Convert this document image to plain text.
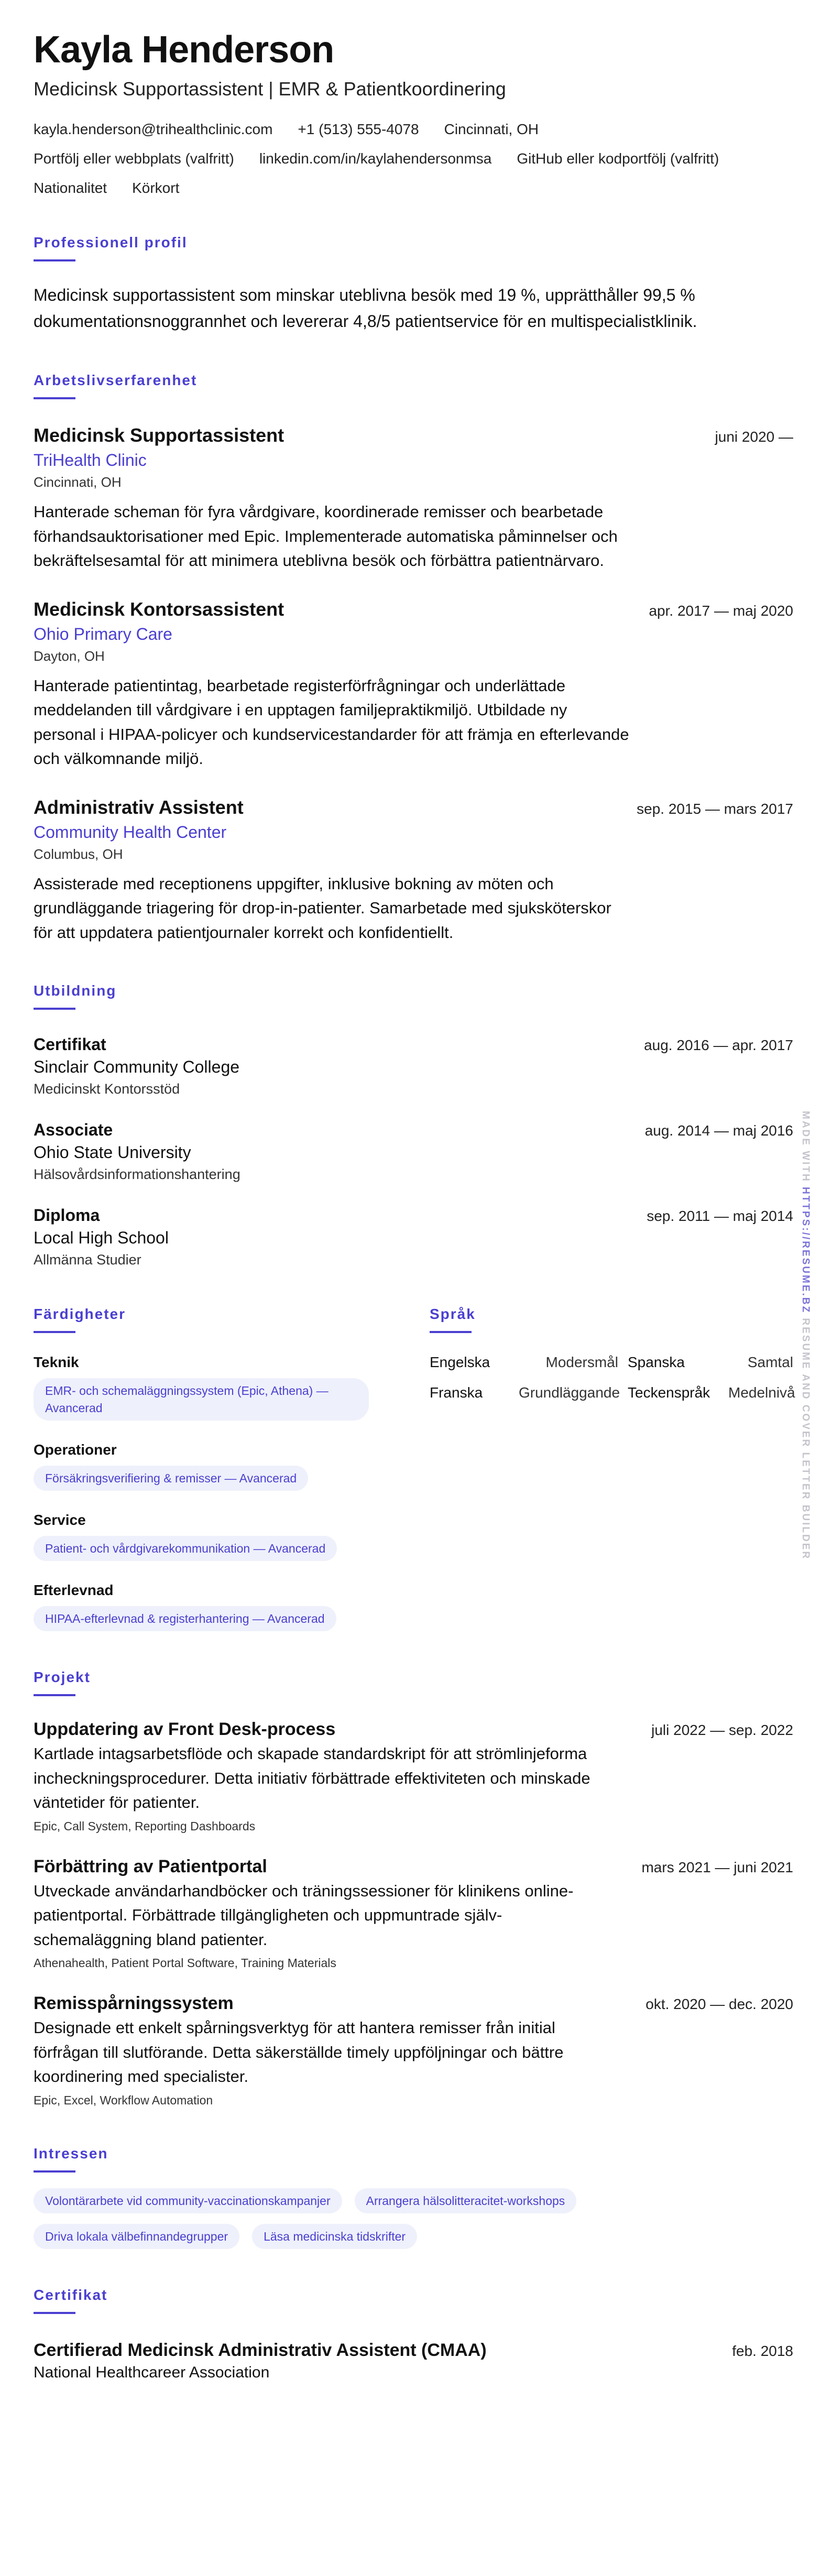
Kayla Henderson
Medicinsk Supportassistent | EMR & Patientkoordinering
kayla.henderson@trihealthclinic.com +1 (513) 555-4078 Cincinnati, OH
Portfölj eller webbplats (valfritt) linkedin.com/in/kaylahendersonmsa GitHub eller kodportfölj (valfritt)
Nationalitet Körkort
Professionell profil
Medicinsk supportassistent som minskar uteblivna besök med 19 %, upprätthåller 99,5 % dokumentationsnoggrannhet och levererar 4,8/5 patientservice för en multispecialistklinik.
Arbetslivserfarenhet
Medicinsk Supportassistent	juni 2020 —
TriHealth Clinic
Cincinnati, OH
Hanterade scheman för fyra vårdgivare, koordinerade remisser och bearbetade förhandsauktorisationer med Epic. Implementerade automatiska påminnelser och bekräftelsesamtal för att minimera uteblivna besök och förbättra patientnärvaro.
Medicinsk Kontorsassistent	apr. 2017 — maj 2020
Ohio Primary Care
Dayton, OH
Hanterade patientintag, bearbetade registerförfrågningar och underlättade meddelanden till vårdgivare i en upptagen familjepraktikmiljö. Utbildade ny personal i HIPAA-policyer och kundservicestandarder för att främja en efterlevande och välkomnande miljö.
Administrativ Assistent	sep. 2015 — mars 2017
Community Health Center
Columbus, OH
Assisterade med receptionens uppgifter, inklusive bokning av möten och grundläggande triagering för drop-in-patienter. Samarbetade med sjuksköterskor för att uppdatera patientjournaler korrekt och konfidentiellt.
Utbildning
Certifikat	aug. 2016 — apr. 2017
Sinclair Community College
Medicinskt Kontorsstöd
Associate	aug. 2014 — maj 2016
Ohio State University
Hälsovårdsinformationshantering
Diploma	sep. 2011 — maj 2014
Local High School
Allmänna Studier
Färdigheter
Teknik
EMR- och schemaläggningssystem (Epic, Athena) — Avancerad
Operationer
Försäkringsverifiering & remisser — Avancerad
Service
Patient- och vårdgivarekommunikation — Avancerad
Efterlevnad
HIPAA-efterlevnad & registerhantering — Avancerad
Språk
Engelska	Modersmål Spanska	Samtal
Franska	Grundläggande Teckenspråk	Medelnivå
Projekt
Uppdatering av Front Desk-process	juli 2022 — sep. 2022
Kartlade intagsarbetsflöde och skapade standardskript för att strömlinjeforma incheckningsprocedurer. Detta initiativ förbättrade effektiviteten och minskade väntetider för patienter.
Epic, Call System, Reporting Dashboards
Förbättring av Patientportal	mars 2021 — juni 2021
Utveckade användarhandböcker och träningssessioner för klinikens online-patientportal. Förbättrade tillgängligheten och uppmuntrade själv-schemaläggning bland patienter.
Athenahealth, Patient Portal Software, Training Materials
Remisspårningssystem	okt. 2020 — dec. 2020
Designade ett enkelt spårningsverktyg för att hantera remisser från initial förfrågan till slutförande. Detta säkerställde timely uppföljningar och bättre koordinering med specialister.
Epic, Excel, Workflow Automation
Intressen
Volontärarbete vid community-vaccinationskampanjer	Arrangera hälsolitteracitet-workshops
Driva lokala välbefinnandegrupper	Läsa medicinska tidskrifter
Certifikat
Certifierad Medicinsk Administrativ Assistent (CMAA)	feb. 2018
National Healthcareer Association
MADE WITH HTTPS://RESUME.BZ RESUME AND COVER LETTER BUILDER
